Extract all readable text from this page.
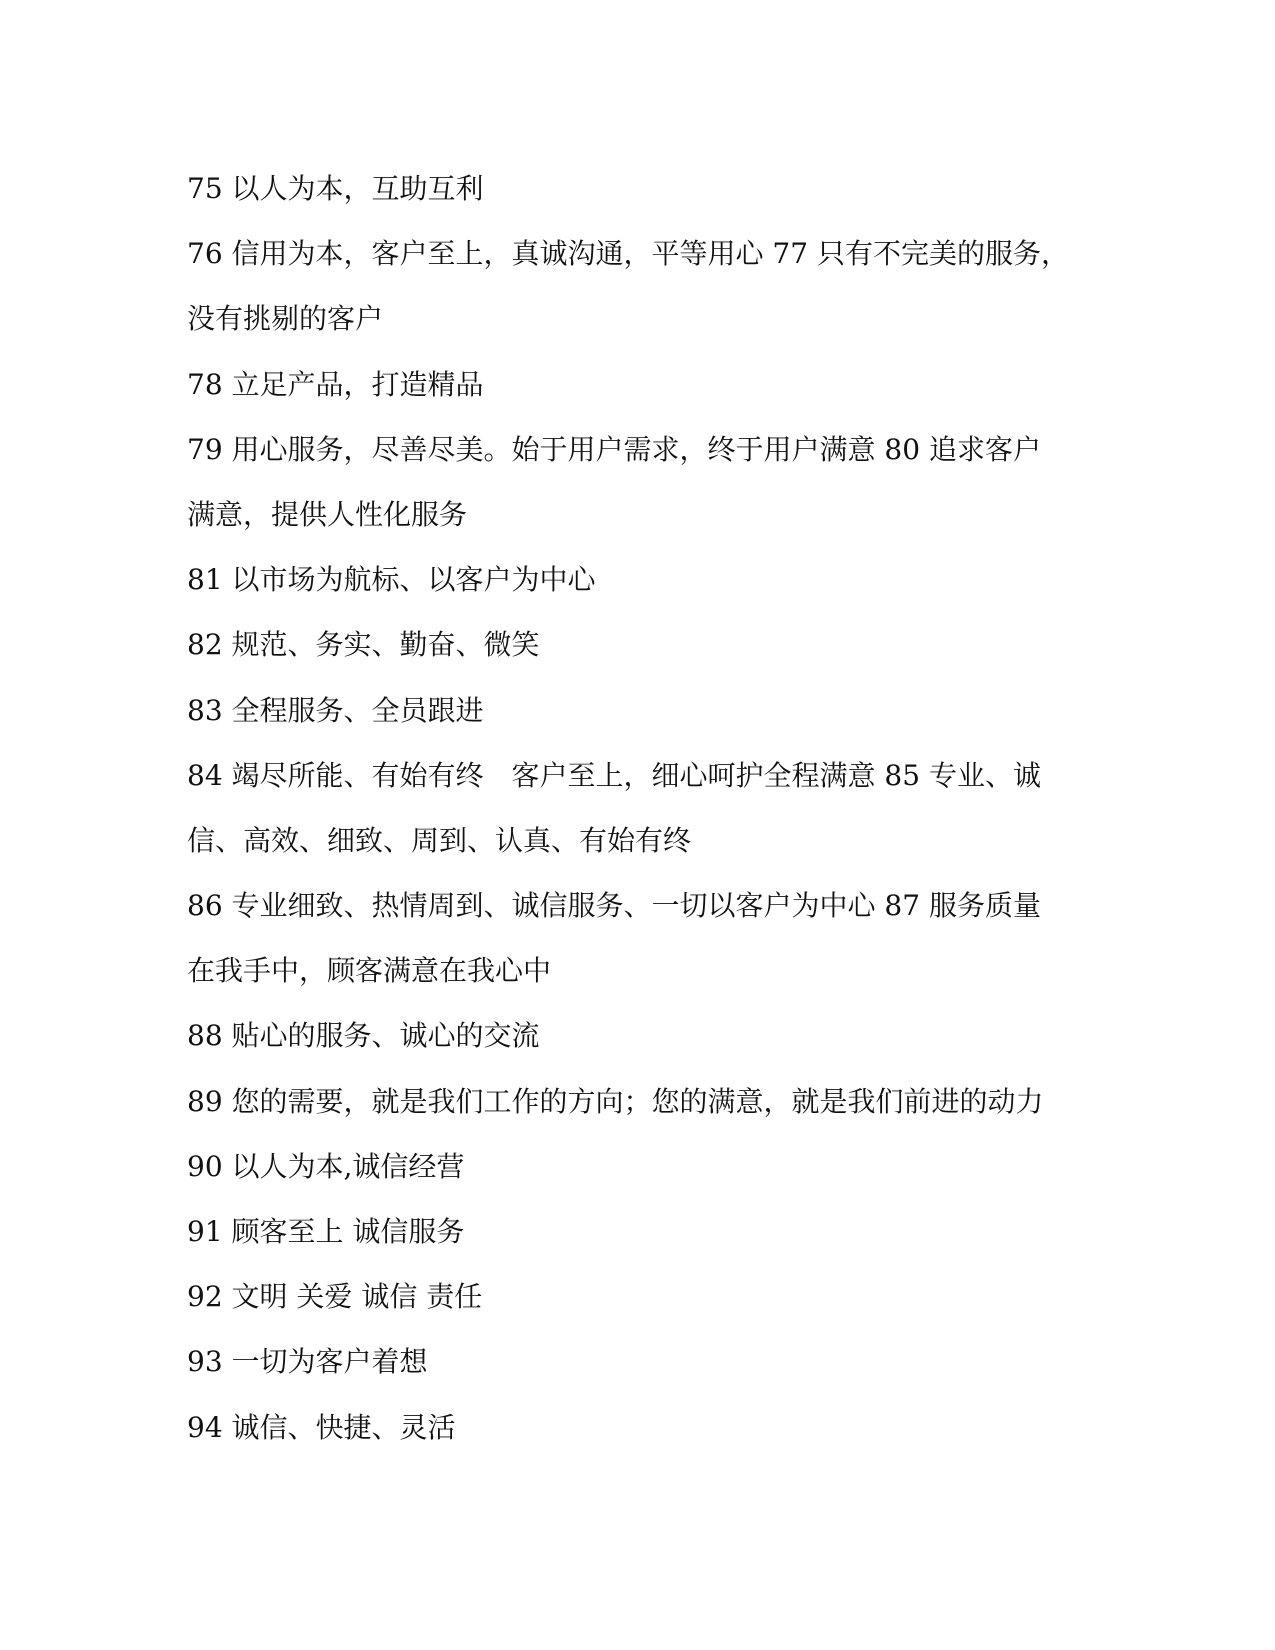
75 以人为本，互助互利
76 信用为本，客户至上，真诚沟通，平等用心 77 只有不完美的服务，
没有挑剔的客户
78 立足产品，打造精品
79 用心服务，尽善尽美。始于用户需求，终于用户满意 80 追求客户
满意，提供人性化服务
81 以市场为航标、以客户为中心
82 规范、务实、勤奋、微笑
83 全程服务、全员跟进
84 竭尽所能、有始有终　客户至上，细心呵护全程满意 85 专业、诚
信、高效、细致、周到、认真、有始有终
86 专业细致、热情周到、诚信服务、一切以客户为中心 87 服务质量
在我手中，顾客满意在我心中
88 贴心的服务、诚心的交流
89 您的需要，就是我们工作的方向；您的满意，就是我们前进的动力
90 以人为本,诚信经营
91 顾客至上 诚信服务
92 文明 关爱 诚信 责任
93 一切为客户着想
94 诚信、快捷、灵活
